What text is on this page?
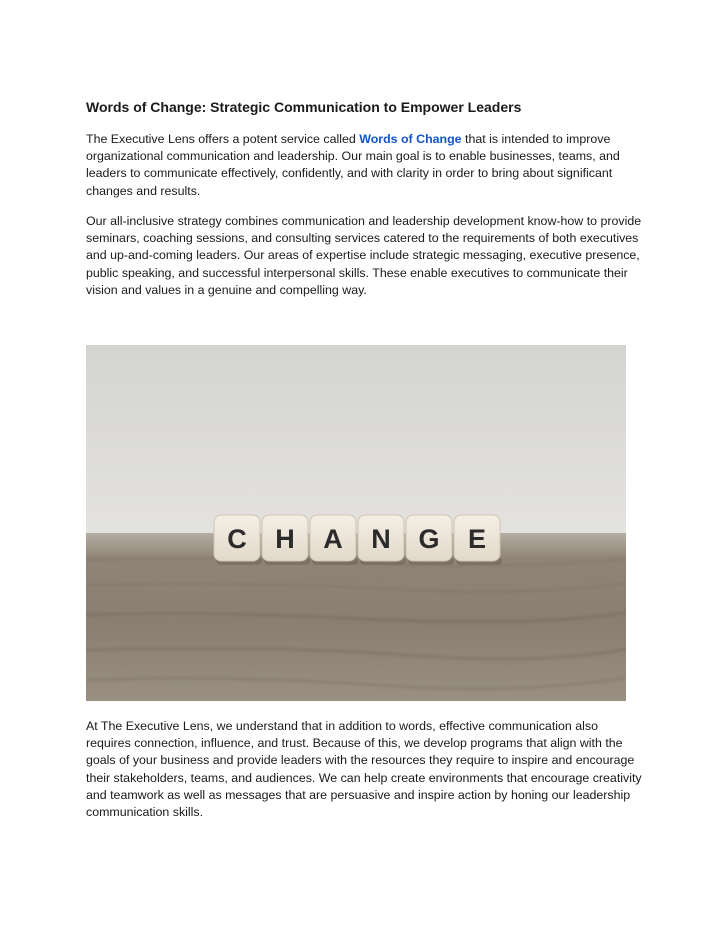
Words of Change: Strategic Communication to Empower Leaders

The Executive Lens offers a potent service called Words of Change that is intended to improve organizational communication and leadership. Our main goal is to enable businesses, teams, and leaders to communicate effectively, confidently, and with clarity in order to bring about significant changes and results.

Our all-inclusive strategy combines communication and leadership development know-how to provide seminars, coaching sessions, and consulting services catered to the requirements of both executives and up-and-coming leaders. Our areas of expertise include strategic messaging, executive presence, public speaking, and successful interpersonal skills. These enable executives to communicate their vision and values in a genuine and compelling way.

C H A N G E

At The Executive Lens, we understand that in addition to words, effective communication also requires connection, influence, and trust. Because of this, we develop programs that align with the goals of your business and provide leaders with the resources they require to inspire and encourage their stakeholders, teams, and audiences. We can help create environments that encourage creativity and teamwork as well as messages that are persuasive and inspire action by honing our leadership communication skills.
